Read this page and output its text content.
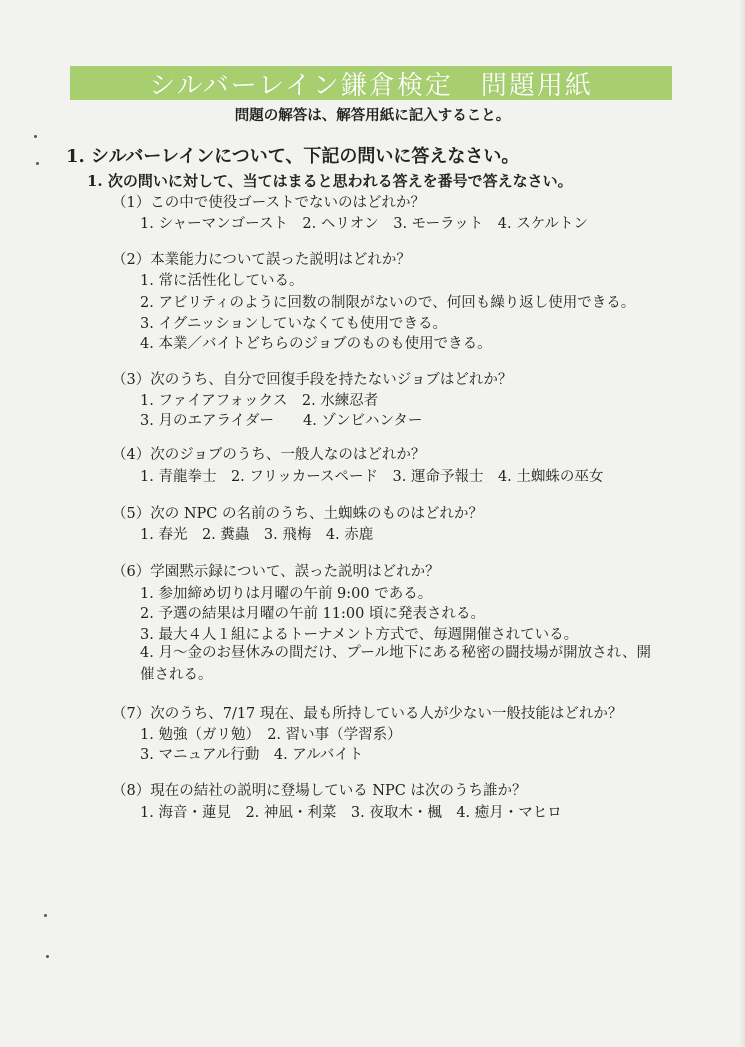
シルバーレイン鎌倉検定　問題用紙
問題の解答は、解答用紙に記入すること。
1. シルバーレインについて、下記の問いに答えなさい。
1. 次の問いに対して、当てはまると思われる答えを番号で答えなさい。
（1）この中で使役ゴーストでないのはどれか？
1. シャーマンゴースト　2. ヘリオン　3. モーラット　4. スケルトン
（2）本業能力について誤った説明はどれか？
1. 常に活性化している。
2. アビリティのように回数の制限がないので、何回も繰り返し使用できる。
3. イグニッションしていなくても使用できる。
4. 本業／バイトどちらのジョブのものも使用できる。
（3）次のうち、自分で回復手段を持たないジョブはどれか？
1. ファイアフォックス　2. 水練忍者
3. 月のエアライダー　　4. ゾンビハンター
（4）次のジョブのうち、一般人なのはどれか？
1. 青龍拳士　2. フリッカースペード　3. 運命予報士　4. 土蜘蛛の巫女
（5）次の NPC の名前のうち、土蜘蛛のものはどれか？
1. 春光　2. 糞蟲　3. 飛梅　4. 赤鹿
（6）学園黙示録について、誤った説明はどれか？
1. 参加締め切りは月曜の午前 9:00 である。
2. 予選の結果は月曜の午前 11:00 頃に発表される。
3. 最大４人１組によるトーナメント方式で、毎週開催されている。
4. 月～金のお昼休みの間だけ、プール地下にある秘密の闘技場が開放され、開催される。
（7）次のうち、7/17 現在、最も所持している人が少ない一般技能はどれか？
1. 勉強（ガリ勉）　2. 習い事（学習系）
3. マニュアル行動　4. アルバイト
（8）現在の結社の説明に登場している NPC は次のうち誰か？
1. 海音・蓮見　2. 神凪・利菜　3. 夜取木・楓　4. 癒月・マヒロ
